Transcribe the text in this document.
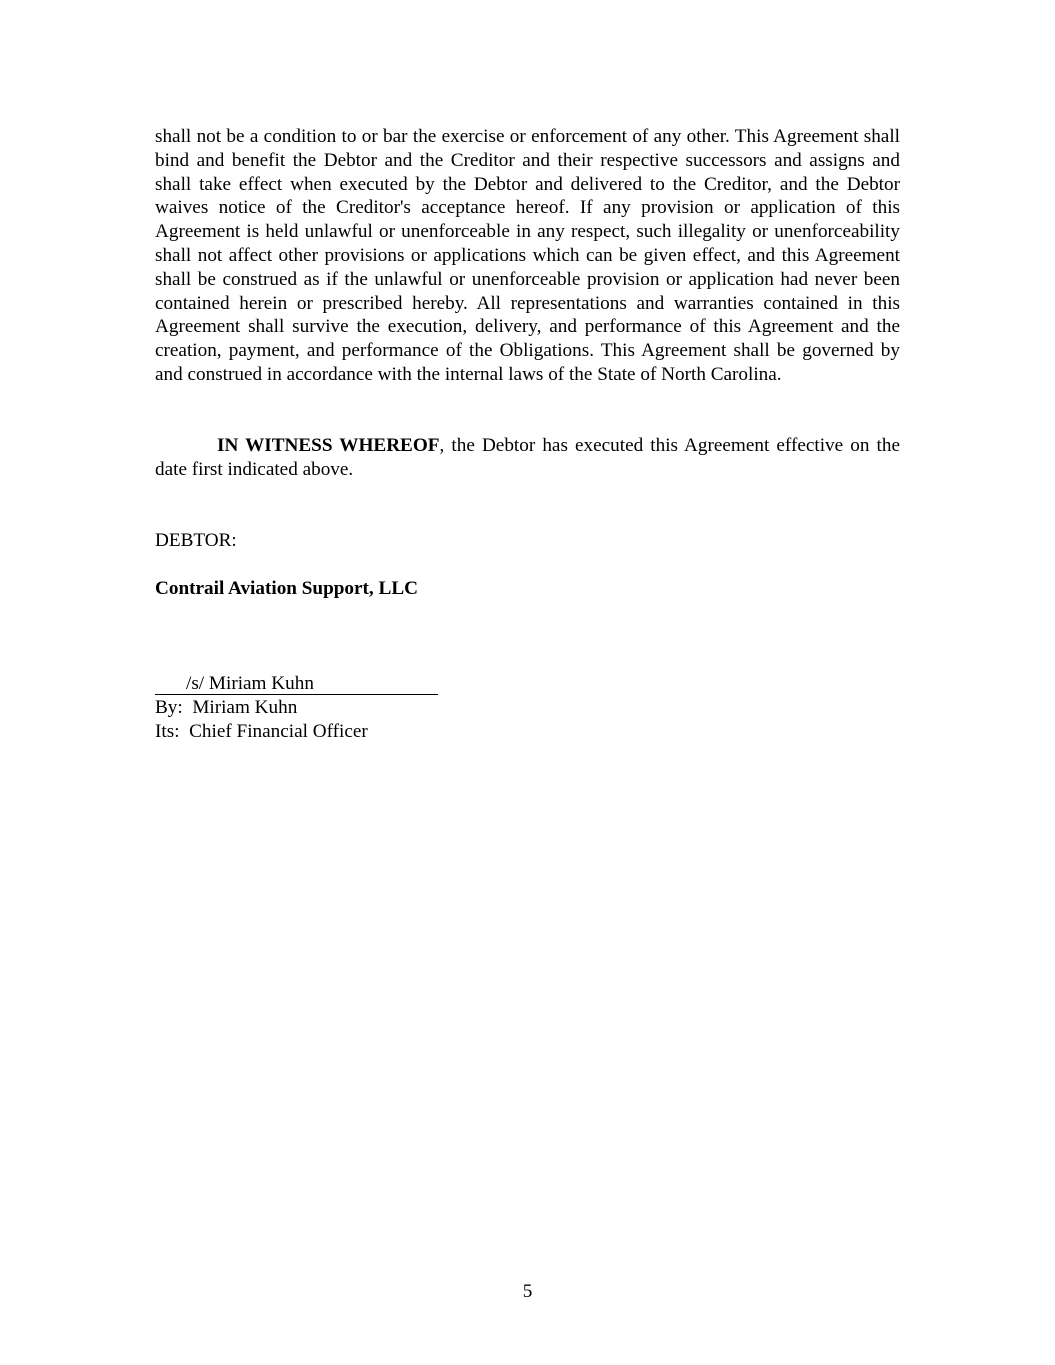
shall not be a condition to or bar the exercise or enforcement of any other. This Agreement shall bind and benefit the Debtor and the Creditor and their respective successors and assigns and shall take effect when executed by the Debtor and delivered to the Creditor, and the Debtor waives notice of the Creditor's acceptance hereof. If any provision or application of this Agreement is held unlawful or unenforceable in any respect, such illegality or unenforceability shall not affect other provisions or applications which can be given effect, and this Agreement shall be construed as if the unlawful or unenforceable provision or application had never been contained herein or prescribed hereby. All representations and warranties contained in this Agreement shall survive the execution, delivery, and performance of this Agreement and the creation, payment, and performance of the Obligations. This Agreement shall be governed by and construed in accordance with the internal laws of the State of North Carolina.

IN WITNESS WHEREOF, the Debtor has executed this Agreement effective on the date first indicated above.

DEBTOR:

Contrail Aviation Support, LLC

/s/ Miriam Kuhn

By:  Miriam Kuhn

Its:  Chief Financial Officer

5
